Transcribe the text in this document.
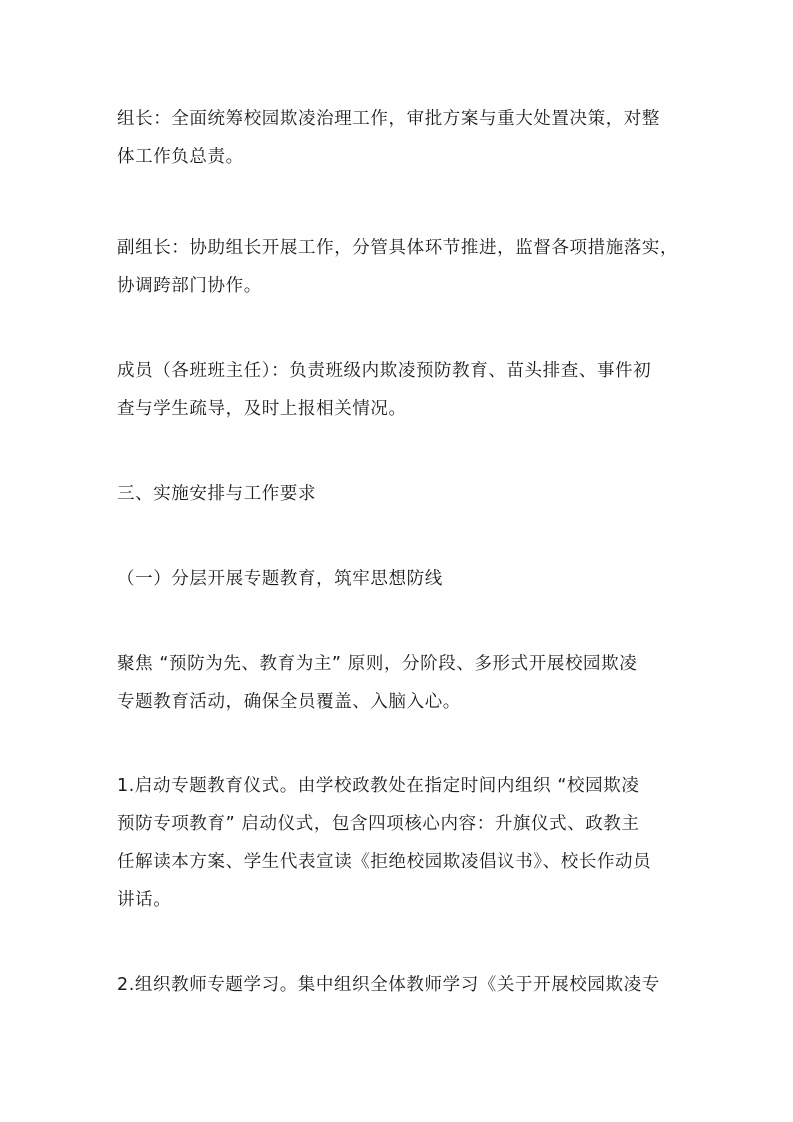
组长：全面统筹校园欺凌治理工作，审批方案与重大处置决策，对整
体工作负总责。

副组长：协助组长开展工作，分管具体环节推进，监督各项措施落实，
协调跨部门协作。

成员（各班班主任）：负责班级内欺凌预防教育、苗头排查、事件初
查与学生疏导，及时上报相关情况。

三、实施安排与工作要求

（一）分层开展专题教育，筑牢思想防线

聚焦 “预防为先、教育为主” 原则，分阶段、多形式开展校园欺凌
专题教育活动，确保全员覆盖、入脑入心。

1.启动专题教育仪式。由学校政教处在指定时间内组织 “校园欺凌
预防专项教育” 启动仪式，包含四项核心内容：升旗仪式、政教主
任解读本方案、学生代表宣读《拒绝校园欺凌倡议书》、校长作动员
讲话。

2.组织教师专题学习。集中组织全体教师学习《关于开展校园欺凌专
